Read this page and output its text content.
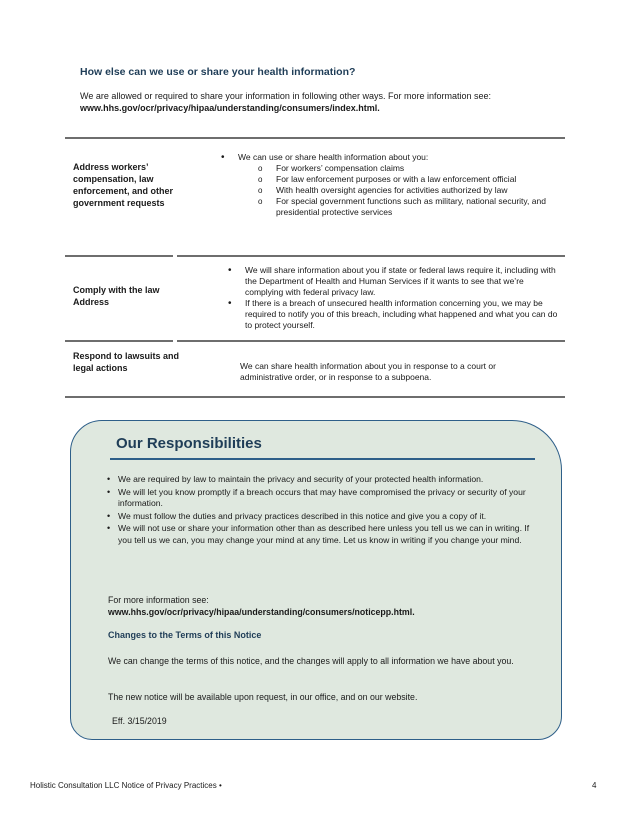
How else can we use or share your health information?
We are allowed or required to share your information in following other ways. For more information see:
www.hhs.gov/ocr/privacy/hipaa/understanding/consumers/index.html.
Address workers’ compensation, law enforcement, and other government requests
• We can use or share health information about you:
o For workers’ compensation claims
o For law enforcement purposes or with a law enforcement official
o With health oversight agencies for activities authorized by law
o For special government functions such as military, national security, and presidential protective services
Comply with the law
Address
• We will share information about you if state or federal laws require it, including with the Department of Health and Human Services if it wants to see that we’re complying with federal privacy law.
• If there is a breach of unsecured health information concerning you, we may be required to notify you of this breach, including what happened and what you can do to protect yourself.
Respond to lawsuits and legal actions
•	We can share health information about you in response to a court or administrative order, or in response to a subpoena.
Our Responsibilities
• We are required by law to maintain the privacy and security of your protected health information.
• We will let you know promptly if a breach occurs that may have compromised the privacy or security of your information.
• We must follow the duties and privacy practices described in this notice and give you a copy of it.
• We will not use or share your information other than as described here unless you tell us we can in writing. If you tell us we can, you may change your mind at any time. Let us know in writing if you change your mind.
For more information see:
www.hhs.gov/ocr/privacy/hipaa/understanding/consumers/noticepp.html.
Changes to the Terms of this Notice
We can change the terms of this notice, and the changes will apply to all information we have about you.
The new notice will be available upon request, in our office, and on our website.
Eff. 3/15/2019
Holistic Consultation LLC Notice of Privacy Practices •	4
